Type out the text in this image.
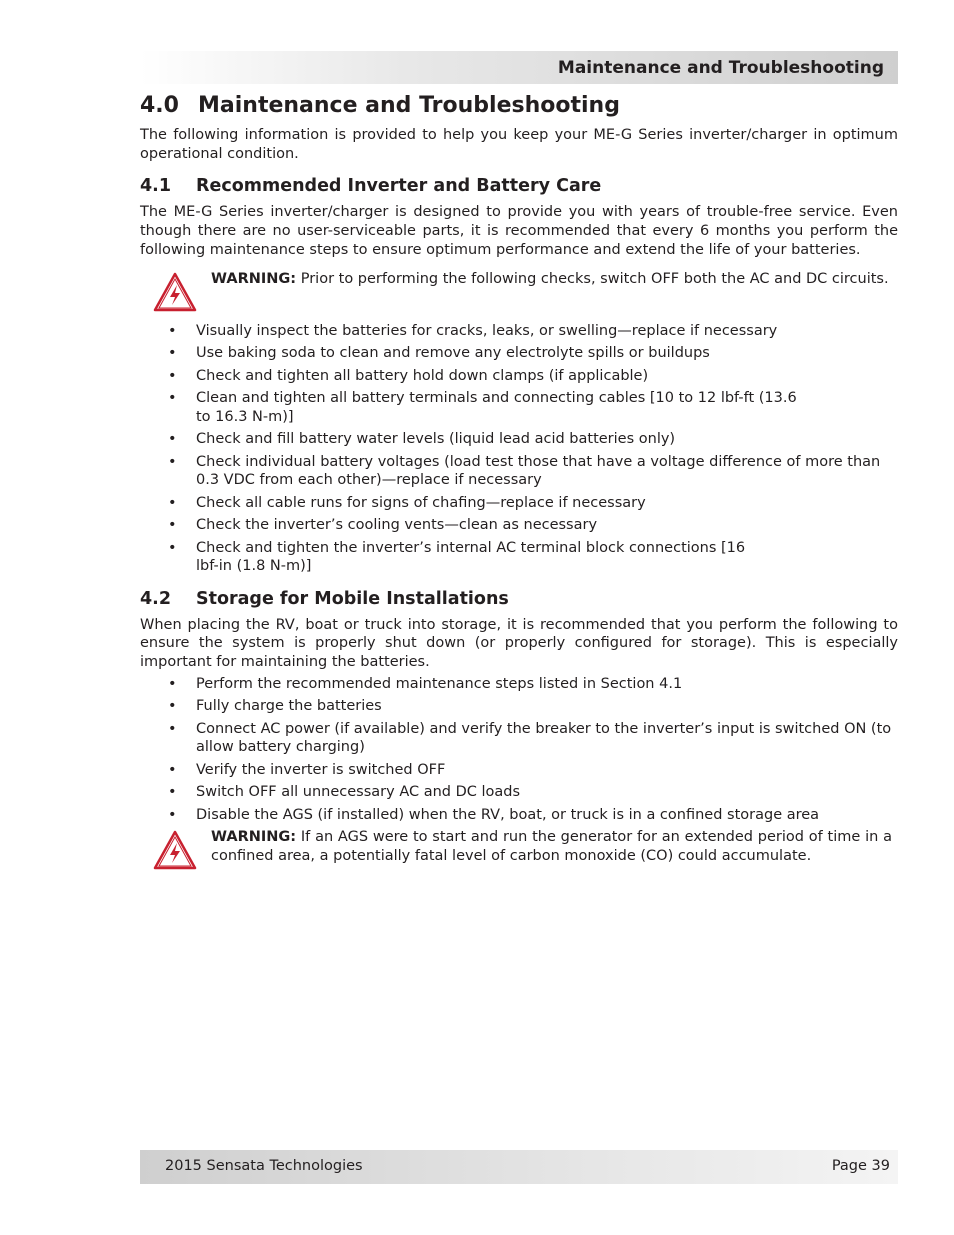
Maintenance and Troubleshooting
4.0 Maintenance and Troubleshooting

The following information is provided to help you keep your ME-G Series inverter/charger in optimum operational condition.

4.1	Recommended Inverter and Battery Care

The ME-G Series inverter/charger is designed to provide you with years of trouble-free service. Even though there are no user-serviceable parts, it is recommended that every 6 months you perform the following maintenance steps to ensure optimum performance and extend the life of your batteries.

WARNING: Prior to performing the following checks, switch OFF both the AC and DC circuits.
• Visually inspect the batteries for cracks, leaks, or swelling—replace if necessary
• Use baking soda to clean and remove any electrolyte spills or buildups
• Check and tighten all battery hold down clamps (if applicable)
• Clean and tighten all battery terminals and connecting cables [10 to 12 lbf-ft (13.6 to 16.3 N-m)]
• Check and fill battery water levels (liquid lead acid batteries only)
• Check individual battery voltages (load test those that have a voltage difference of more than 0.3 VDC from each other)—replace if necessary
• Check all cable runs for signs of chafing—replace if necessary
• Check the inverter’s cooling vents—clean as necessary
• Check and tighten the inverter’s internal AC terminal block connections [16 lbf-in (1.8 N-m)]
4.2	Storage for Mobile Installations

When placing the RV, boat or truck into storage, it is recommended that you perform the following to ensure the system is properly shut down (or properly configured for storage). This is especially important for maintaining the batteries.

• Perform the recommended maintenance steps listed in Section 4.1
• Fully charge the batteries
• Connect AC power (if available) and verify the breaker to the inverter’s input is switched ON (to allow battery charging)
• Verify the inverter is switched OFF
• Switch OFF all unnecessary AC and DC loads
• Disable the AGS (if installed) when the RV, boat, or truck is in a confined storage area
WARNING: If an AGS were to start and run the generator for an extended period of time in a confined area, a potentially fatal level of carbon monoxide (CO) could accumulate.
2015 Sensata Technologies	Page 39
